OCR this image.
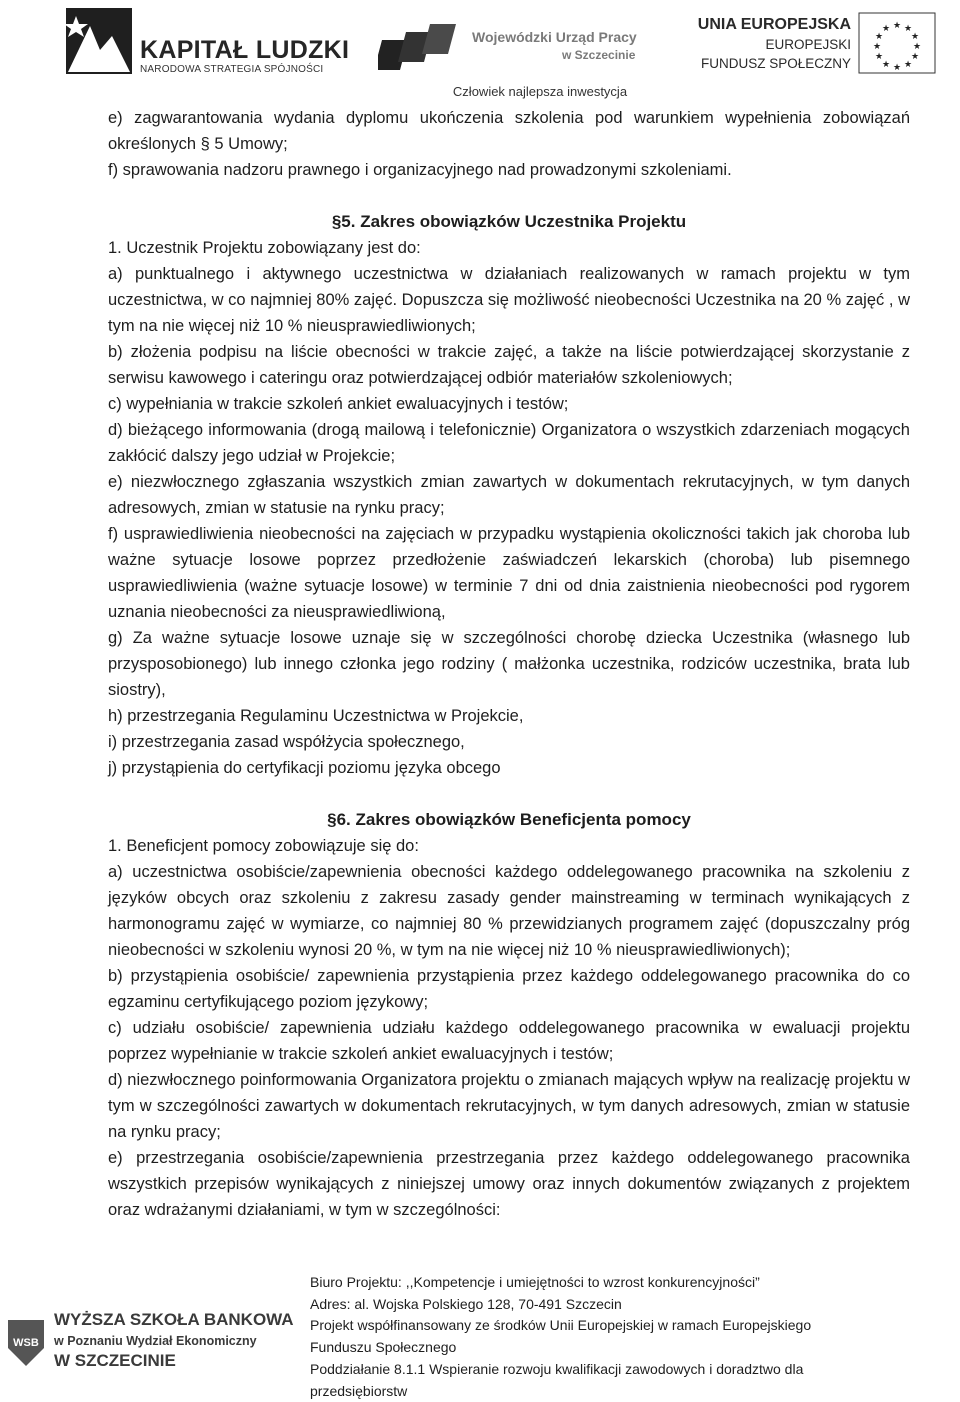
KAPITAŁ LUDZKI
NARODOWA STRATEGIA SPÓJNOŚCI
Wojewódzki Urząd Pracy
w Szczecinie
UNIA EUROPEJSKA
EUROPEJSKI
FUNDUSZ SPOŁECZNY
★ ★
★
★
★
★
★
★
★
★
★
★
Człowiek najlepsza inwestycja

e) zagwarantowania wydania dyplomu ukończenia szkolenia pod warunkiem wypełnienia zobowiązań określonych § 5 Umowy;

f) sprawowania nadzoru prawnego i organizacyjnego nad prowadzonymi szkoleniami.

§5. Zakres obowiązków Uczestnika Projektu

1. Uczestnik Projektu zobowiązany jest do:

a) punktualnego i aktywnego uczestnictwa w działaniach realizowanych w ramach projektu w tym uczestnictwa, w co najmniej 80% zajęć. Dopuszcza się możliwość nieobecności Uczestnika na 20 % zajęć , w tym na nie więcej niż 10 % nieusprawiedliwionych;

b) złożenia podpisu na liście obecności w trakcie zajęć, a także na liście potwierdzającej skorzystanie z serwisu kawowego i cateringu oraz potwierdzającej odbiór materiałów szkoleniowych;

c) wypełniania w trakcie szkoleń ankiet ewaluacyjnych i testów;

d) bieżącego informowania (drogą mailową i telefonicznie) Organizatora o wszystkich zdarzeniach mogących zakłócić dalszy jego udział w Projekcie;

e) niezwłocznego zgłaszania wszystkich zmian zawartych w dokumentach rekrutacyjnych, w tym danych adresowych, zmian w statusie na rynku pracy;

f) usprawiedliwienia nieobecności na zajęciach w przypadku wystąpienia okoliczności takich jak choroba lub ważne sytuacje losowe poprzez przedłożenie zaświadczeń lekarskich (choroba) lub pisemnego usprawiedliwienia (ważne sytuacje losowe) w terminie 7 dni od dnia zaistnienia nieobecności pod rygorem uznania nieobecności za nieusprawiedliwioną,

g) Za ważne sytuacje losowe uznaje się w szczególności chorobę dziecka Uczestnika (własnego lub przysposobionego) lub innego członka jego rodziny ( małżonka uczestnika, rodziców uczestnika, brata lub siostry),

h) przestrzegania Regulaminu Uczestnictwa w Projekcie,

i) przestrzegania zasad współżycia społecznego,

j) przystąpienia do certyfikacji poziomu języka obcego

§6. Zakres obowiązków Beneficjenta pomocy

1. Beneficjent pomocy zobowiązuje się do:

a) uczestnictwa osobiście/zapewnienia obecności każdego oddelegowanego pracownika na szkoleniu z języków obcych oraz szkoleniu z zakresu zasady gender mainstreaming w terminach wynikających z harmonogramu zajęć w wymiarze, co najmniej 80 % przewidzianych programem zajęć (dopuszczalny próg nieobecności w szkoleniu wynosi 20 %, w tym na nie więcej niż 10 % nieusprawiedliwionych);

b) przystąpienia osobiście/ zapewnienia przystąpienia przez każdego oddelegowanego pracownika do co egzaminu certyfikującego poziom językowy;

c) udziału osobiście/ zapewnienia udziału każdego oddelegowanego pracownika w ewaluacji projektu poprzez wypełnianie w trakcie szkoleń ankiet ewaluacyjnych i testów;

d) niezwłocznego poinformowania Organizatora projektu o zmianach mających wpływ na realizację projektu w tym w szczególności zawartych w dokumentach rekrutacyjnych, w tym danych adresowych, zmian w statusie na rynku pracy;

e) przestrzegania osobiście/zapewnienia przestrzegania przez każdego oddelegowanego pracownika wszystkich przepisów wynikających z niniejszej umowy oraz innych dokumentów związanych z projektem oraz wdrażanymi działaniami, w tym w szczególności:

WSB
WYŻSZA SZKOŁA BANKOWA
w Poznaniu Wydział Ekonomiczny
W SZCZECINIE
Biuro Projektu: ,,Kompetencje i umiejętności to wzrost konkurencyjności”
Adres: al. Wojska Polskiego 128, 70-491 Szczecin
Projekt współfinansowany ze środków Unii Europejskiej w ramach Europejskiego
Funduszu Społecznego
Poddziałanie 8.1.1 Wspieranie rozwoju kwalifikacji zawodowych i doradztwo dla
przedsiębiorstw
